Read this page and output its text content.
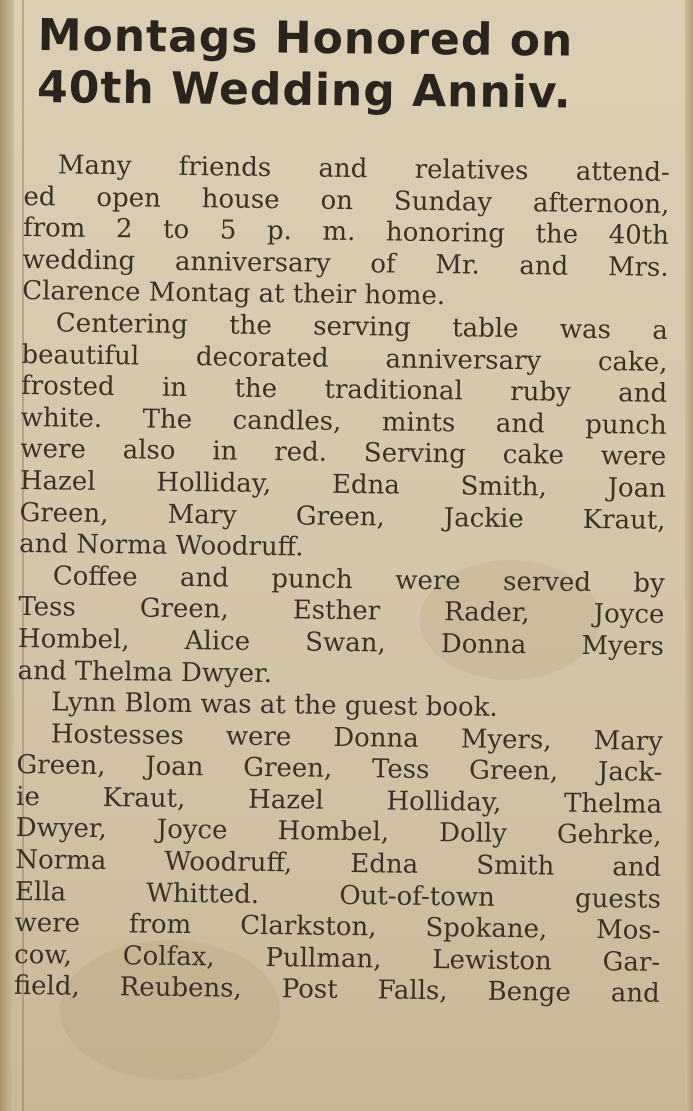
Montags Honored on
40th Wedding Anniv.
Many friends and relatives attend-
ed open house on Sunday afternoon,
from 2 to 5 p. m. honoring the 40th
wedding anniversary of Mr. and Mrs.
Clarence Montag at their home.
Centering the serving table was a
beautiful decorated anniversary cake,
frosted in the traditional ruby and
white. The candles, mints and punch
were also in red. Serving cake were
Hazel Holliday, Edna Smith, Joan
Green, Mary Green, Jackie Kraut,
and Norma Woodruff.
Coffee and punch were served by
Tess Green, Esther Rader, Joyce
Hombel, Alice Swan, Donna Myers
and Thelma Dwyer.
Lynn Blom was at the guest book.
Hostesses were Donna Myers, Mary
Green, Joan Green, Tess Green, Jack-
ie Kraut, Hazel Holliday, Thelma
Dwyer, Joyce Hombel, Dolly Gehrke,
Norma Woodruff, Edna Smith and
Ella Whitted. Out-of-town guests
were from Clarkston, Spokane, Mos-
cow, Colfax, Pullman, Lewiston Gar-
field, Reubens, Post Falls, Benge and
